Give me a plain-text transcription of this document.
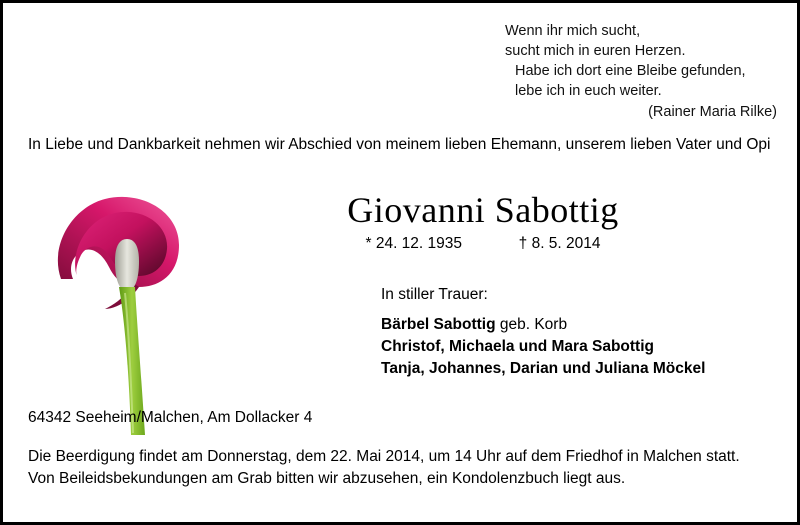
Wenn ihr mich sucht,
sucht mich in euren Herzen.
Habe ich dort eine Bleibe gefunden,
lebe ich in euch weiter.
(Rainer Maria Rilke)
In Liebe und Dankbarkeit nehmen wir Abschied von meinem lieben Ehemann, unserem lieben Vater und Opi
Giovanni Sabottig
* 24. 12. 1935	† 8. 5. 2014
In stiller Trauer:
Bärbel Sabottig geb. Korb
Christof, Michaela und Mara Sabottig
Tanja, Johannes, Darian und Juliana Möckel
64342 Seeheim/Malchen, Am Dollacker 4
Die Beerdigung findet am Donnerstag, dem 22. Mai 2014, um 14 Uhr auf dem Friedhof in Malchen statt.
Von Beileidsbekundungen am Grab bitten wir abzusehen, ein Kondolenzbuch liegt aus.
